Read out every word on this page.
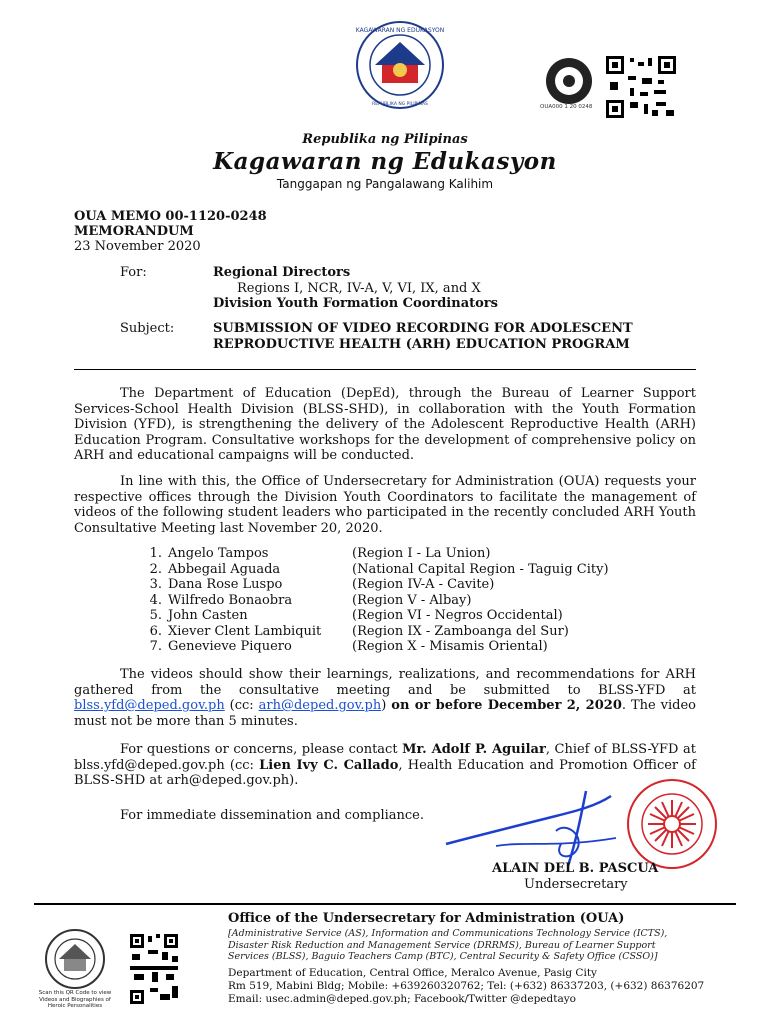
KAGAWARAN NG EDUKASYON
REPUBLIKA NG PILIPINAS	OUA000 1 20 0248
Republika ng Pilipinas
Kagawaran ng Edukasyon
Tanggapan ng Pangalawang Kalihim
OUA MEMO 00-1120-0248
MEMORANDUM
23 November 2020
For:	Regional Directors
Regions I, NCR, IV-A, V, VI, IX, and X
Division Youth Formation Coordinators
Subject:	SUBMISSION OF VIDEO RECORDING FOR ADOLESCENT
REPRODUCTIVE HEALTH (ARH) EDUCATION PROGRAM
The Department of Education (DepEd), through the Bureau of Learner Support Services-School Health Division (BLSS-SHD), in collaboration with the Youth Formation Division (YFD), is strengthening the delivery of the Adolescent Reproductive Health (ARH) Education Program. Consultative workshops for the development of comprehensive policy on ARH and educational campaigns will be conducted.
In line with this, the Office of Undersecretary for Administration (OUA) requests your respective offices through the Division Youth Coordinators to facilitate the management of videos of the following student leaders who participated in the recently concluded ARH Youth Consultative Meeting last November 20, 2020.
1. Angelo Tampos	(Region I - La Union)
2. Abbegail Aguada	(National Capital Region - Taguig City)
3. Dana Rose Luspo	(Region IV-A - Cavite)
4. Wilfredo Bonaobra	(Region V - Albay)
5. John Casten	(Region VI - Negros Occidental)
6. Xiever Clent Lambiquit (Region IX - Zamboanga del Sur)
7. Genevieve Piquero	(Region X - Misamis Oriental)
The videos should show their learnings, realizations, and recommendations for ARH gathered from the consultative meeting and be submitted to BLSS-YFD at blss.yfd@deped.gov.ph (cc: arh@deped.gov.ph) on or before December 2, 2020. The video must not be more than 5 minutes.
For questions or concerns, please contact Mr. Adolf P. Aguilar, Chief of BLSS-YFD at blss.yfd@deped.gov.ph (cc: Lien Ivy C. Callado, Health Education and Promotion Officer of BLSS-SHD at arh@deped.gov.ph).
For immediate dissemination and compliance.
ALAIN DEL B. PASCUA
Undersecretary
Scan this QR Code to view Videos and Biographies of Heroic Personalities
Office of the Undersecretary for Administration (OUA)
[Administrative Service (AS), Information and Communications Technology Service (ICTS), Disaster Risk Reduction and Management Service (DRRMS), Bureau of Learner Support Services (BLSS), Baguio Teachers Camp (BTC), Central Security & Safety Office (CSSO)]
Department of Education, Central Office, Meralco Avenue, Pasig City
Rm 519, Mabini Bldg; Mobile: +639260320762; Tel: (+632) 86337203, (+632) 86376207
Email: usec.admin@deped.gov.ph; Facebook/Twitter @depedtayo
